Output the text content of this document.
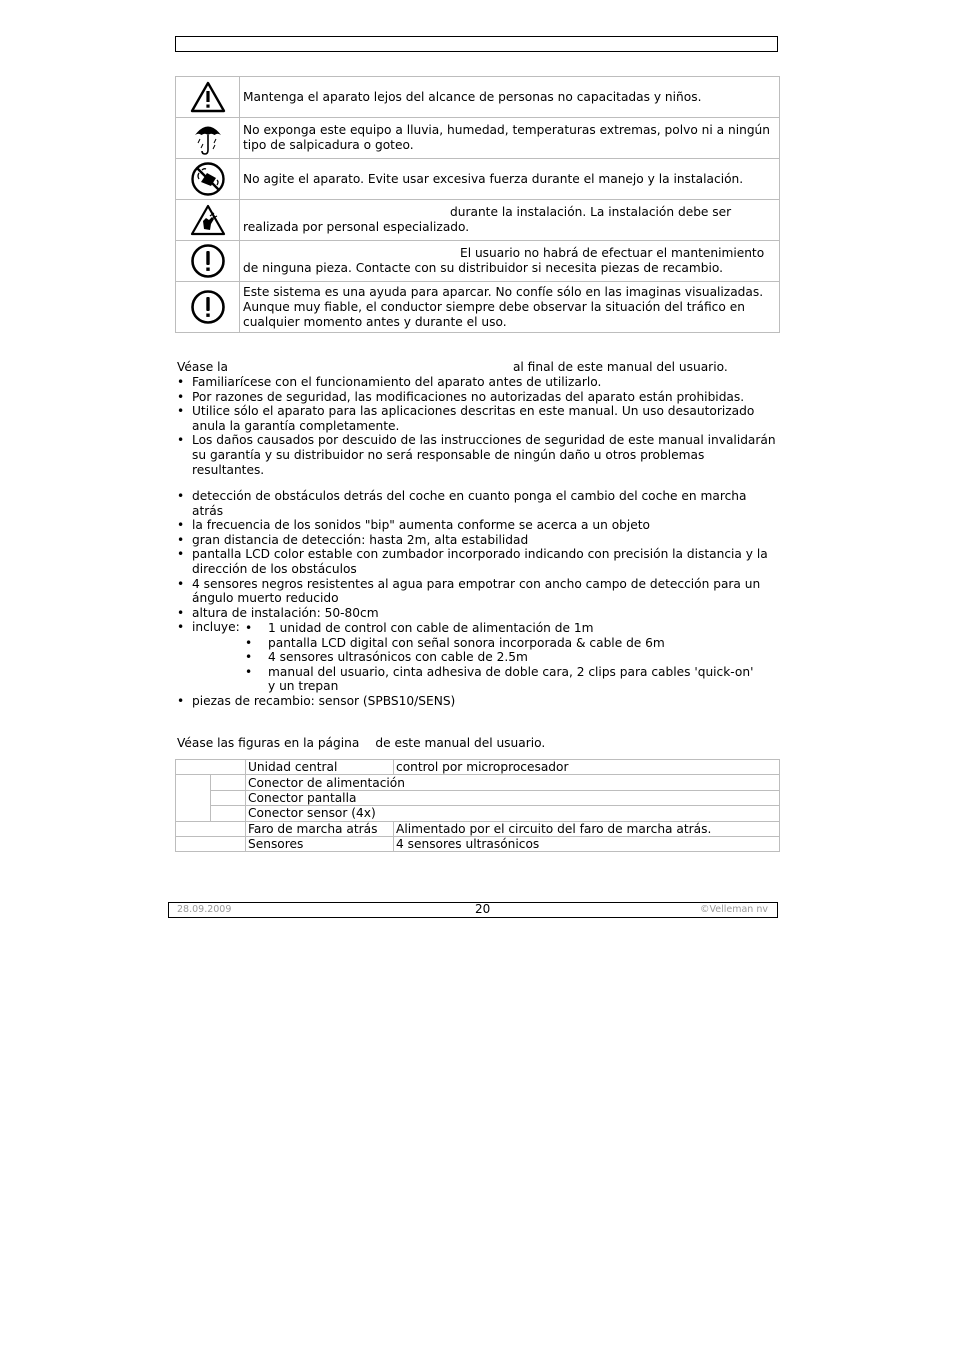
	Mantenga el aparato lejos del alcance de personas no capacitadas y niños.

	No exponga este equipo a lluvia, humedad, temperaturas extremas, polvo ni a ningún tipo de salpicadura o goteo.

	No agite el aparato. Evite usar excesiva fuerza durante el manejo y la instalación.

	durante la instalación. La instalación debe ser realizada por personal especializado.

	El usuario no habrá de efectuar el mantenimiento de ninguna pieza. Contacte con su distribuidor si necesita piezas de recambio.

	Este sistema es una ayuda para aparcar. No confíe sólo en las imaginas visualizadas. Aunque muy fiable, el conductor siempre debe observar la situación del tráfico en cualquier momento antes y durante el uso.

Véase la	al final de este manual del usuario.

• Familiarícese con el funcionamiento del aparato antes de utilizarlo.
• Por razones de seguridad, las modificaciones no autorizadas del aparato están prohibidas.
• Utilice sólo el aparato para las aplicaciones descritas en este manual. Un uso desautorizado anula la garantía completamente.
• Los daños causados por descuido de las instrucciones de seguridad de este manual invalidarán su garantía y su distribuidor no será responsable de ningún daño u otros problemas resultantes.
• detección de obstáculos detrás del coche en cuanto ponga el cambio del coche en marcha atrás
• la frecuencia de los sonidos "bip" aumenta conforme se acerca a un objeto
• gran distancia de detección: hasta 2m, alta estabilidad
• pantalla LCD color estable con zumbador incorporado indicando con precisión la distancia y la dirección de los obstáculos
• 4 sensores negros resistentes al agua para empotrar con ancho campo de detección para un ángulo muerto reducido
• altura de instalación: 50-80cm
• incluye:	• 1 unidad de control con cable de alimentación de 1m
• pantalla LCD digital con señal sonora incorporada & cable de 6m
• 4 sensores ultrasónicos con cable de 2.5m
• manual del usuario, cinta adhesiva de doble cara, 2 clips para cables 'quick-on' y un trepan
• piezas de recambio: sensor (SPBS10/SENS)

Véase las figuras en la página de este manual del usuario.

		Unidad central	control por microprocesador
		Conector de alimentación	
		Conector pantalla	
		Conector sensor (4x)	
		Faro de marcha atrás	Alimentado por el circuito del faro de marcha atrás.
		Sensores	4 sensores ultrasónicos
28.09.2009	20	©Velleman nv
